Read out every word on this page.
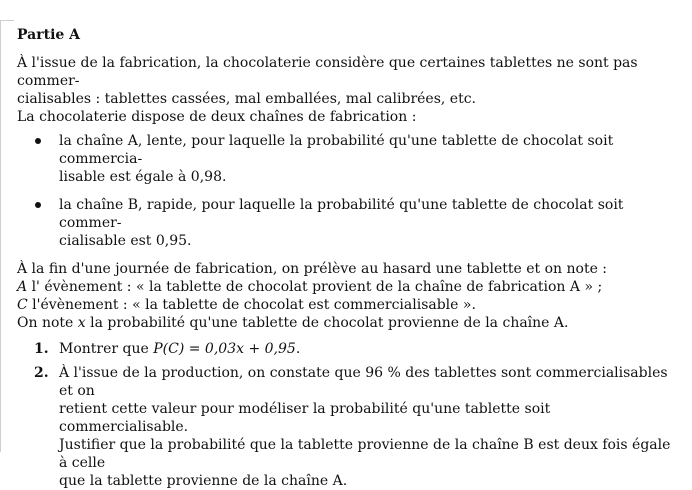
Partie A

À l'issue de la fabrication, la chocolaterie considère que certaines tablettes ne sont pas commer-

cialisables : tablettes cassées, mal emballées, mal calibrées, etc.

La chocolaterie dispose de deux chaînes de fabrication :

la chaîne A, lente, pour laquelle la probabilité qu'une tablette de chocolat soit commercia-

lisable est égale à 0,98.

la chaîne B, rapide, pour laquelle la probabilité qu'une tablette de chocolat soit commer-

cialisable est 0,95.

À la fin d'une journée de fabrication, on prélève au hasard une tablette et on note :

A l' évènement : « la tablette de chocolat provient de la chaîne de fabrication A » ;

C l'évènement : « la tablette de chocolat est commercialisable ».

On note x la probabilité qu'une tablette de chocolat provienne de la chaîne A.

1. Montrer que P(C) = 0,03x + 0,95.

2. À l'issue de la production, on constate que 96 % des tablettes sont commercialisables et on

retient cette valeur pour modéliser la probabilité qu'une tablette soit commercialisable.

Justifier que la probabilité que la tablette provienne de la chaîne B est deux fois égale à celle

que la tablette provienne de la chaîne A.
